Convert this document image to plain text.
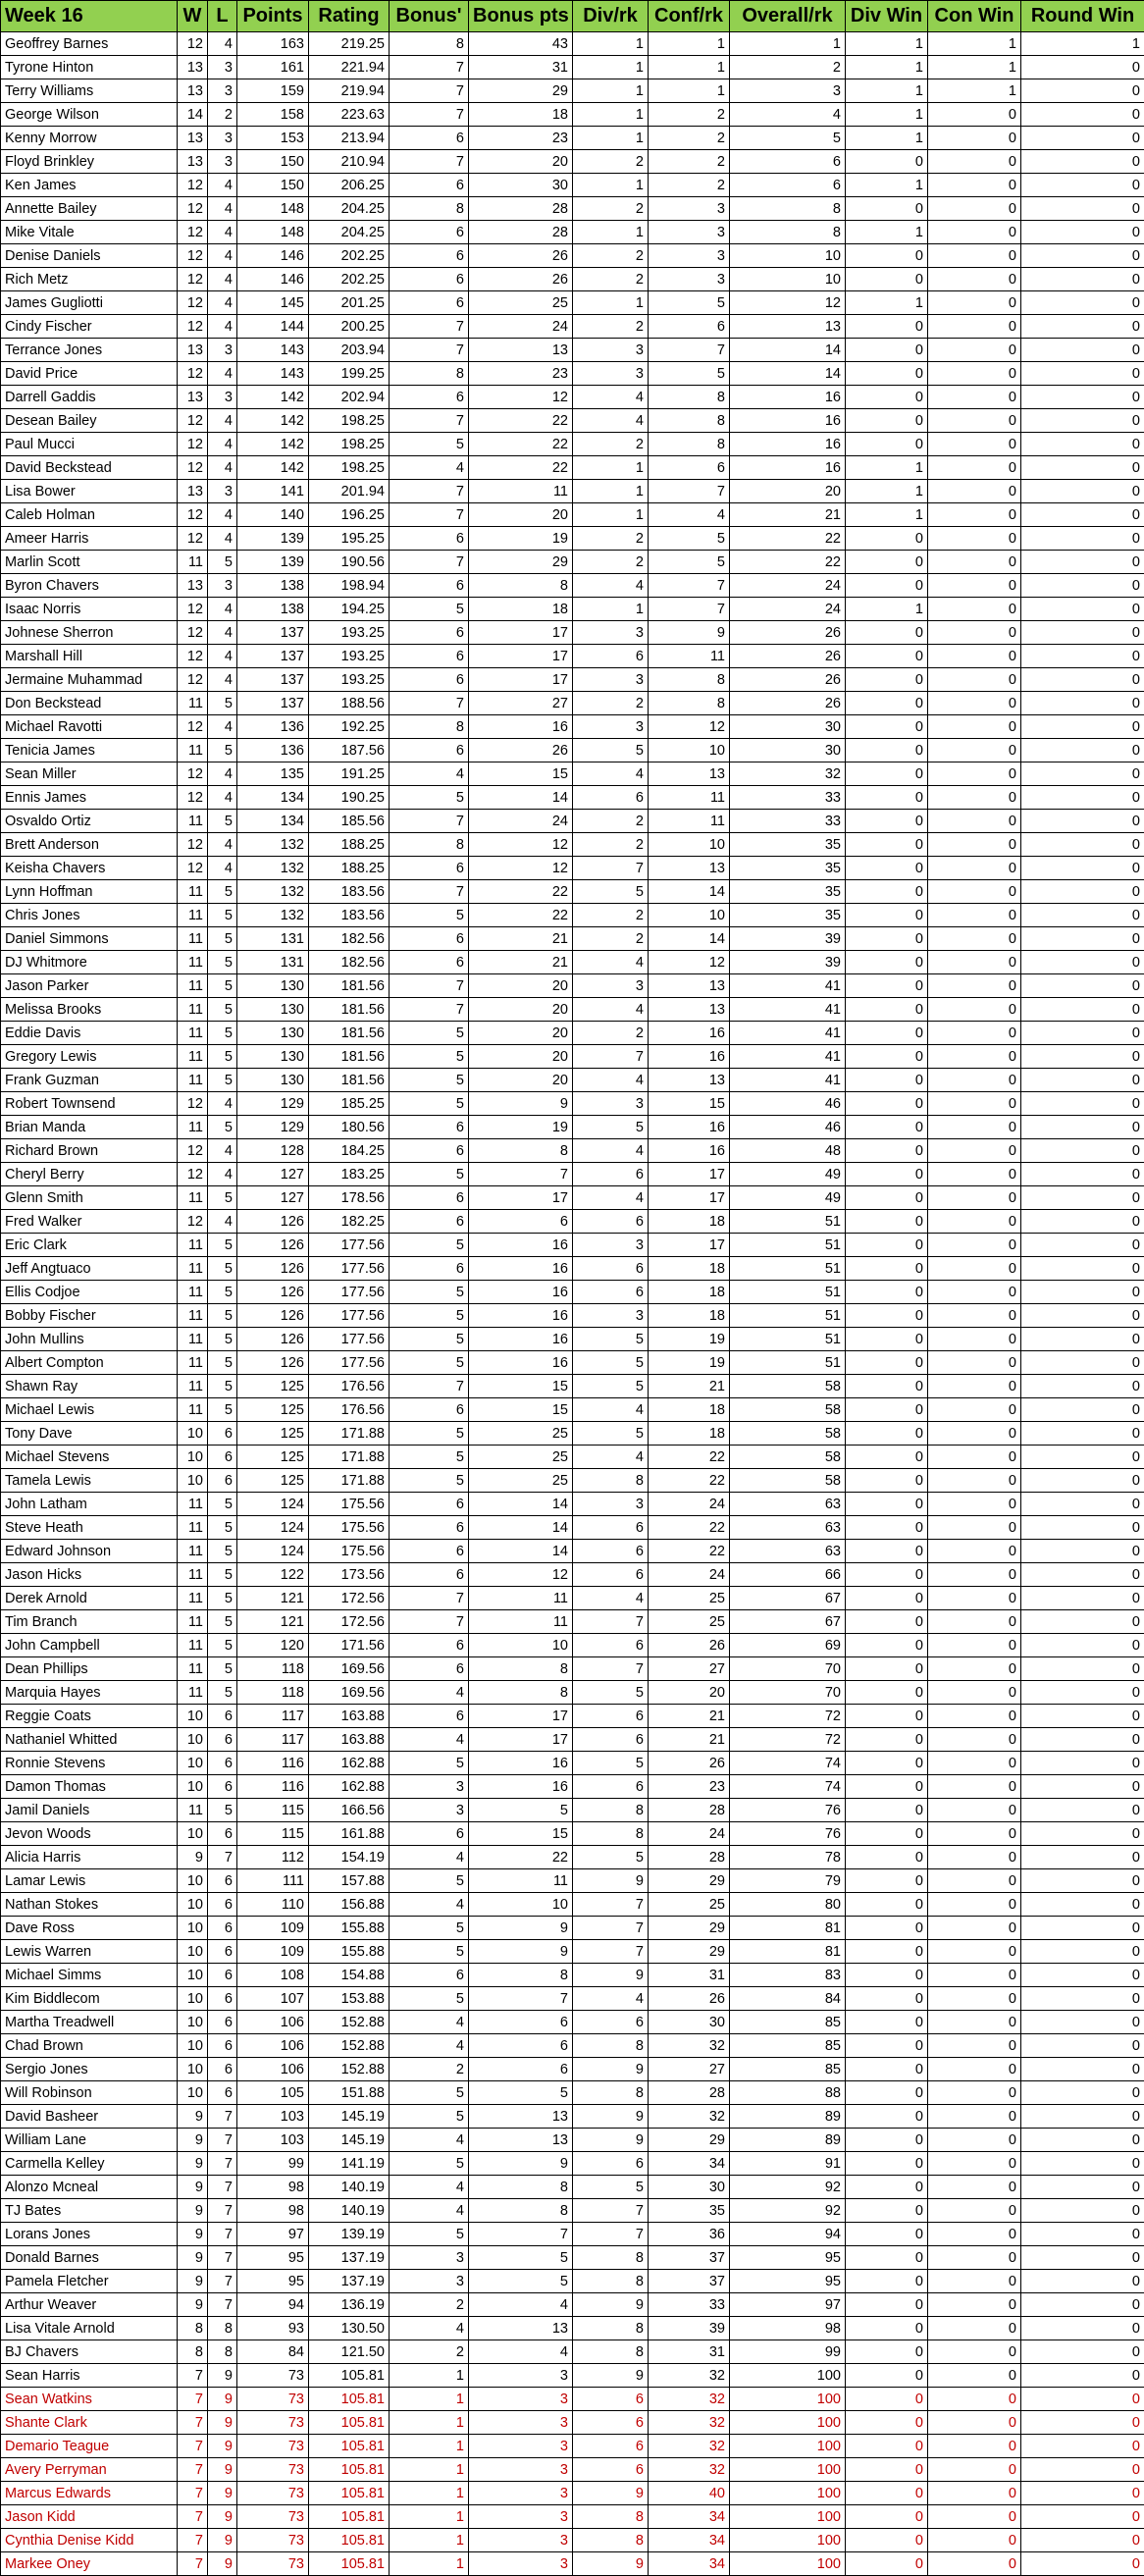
Week 16	W	L	Points	Rating	Bonus'	Bonus pts	Div/rk	Conf/rk	Overall/rk	Div Win	Con Win	Round Win
Geoffrey Barnes	12	4	163	219.25	8	43	1	1	1	1	1	1
Tyrone Hinton	13	3	161	221.94	7	31	1	1	2	1	1	0
Terry Williams	13	3	159	219.94	7	29	1	1	3	1	1	0
George Wilson	14	2	158	223.63	7	18	1	2	4	1	0	0
Kenny Morrow	13	3	153	213.94	6	23	1	2	5	1	0	0
Floyd Brinkley	13	3	150	210.94	7	20	2	2	6	0	0	0
Ken James	12	4	150	206.25	6	30	1	2	6	1	0	0
Annette Bailey	12	4	148	204.25	8	28	2	3	8	0	0	0
Mike Vitale	12	4	148	204.25	6	28	1	3	8	1	0	0
Denise Daniels	12	4	146	202.25	6	26	2	3	10	0	0	0
Rich Metz	12	4	146	202.25	6	26	2	3	10	0	0	0
James Gugliotti	12	4	145	201.25	6	25	1	5	12	1	0	0
Cindy Fischer	12	4	144	200.25	7	24	2	6	13	0	0	0
Terrance Jones	13	3	143	203.94	7	13	3	7	14	0	0	0
David Price	12	4	143	199.25	8	23	3	5	14	0	0	0
Darrell Gaddis	13	3	142	202.94	6	12	4	8	16	0	0	0
Desean Bailey	12	4	142	198.25	7	22	4	8	16	0	0	0
Paul Mucci	12	4	142	198.25	5	22	2	8	16	0	0	0
David Beckstead	12	4	142	198.25	4	22	1	6	16	1	0	0
Lisa Bower	13	3	141	201.94	7	11	1	7	20	1	0	0
Caleb Holman	12	4	140	196.25	7	20	1	4	21	1	0	0
Ameer Harris	12	4	139	195.25	6	19	2	5	22	0	0	0
Marlin Scott	11	5	139	190.56	7	29	2	5	22	0	0	0
Byron Chavers	13	3	138	198.94	6	8	4	7	24	0	0	0
Isaac Norris	12	4	138	194.25	5	18	1	7	24	1	0	0
Johnese Sherron	12	4	137	193.25	6	17	3	9	26	0	0	0
Marshall Hill	12	4	137	193.25	6	17	6	11	26	0	0	0
Jermaine Muhammad	12	4	137	193.25	6	17	3	8	26	0	0	0
Don Beckstead	11	5	137	188.56	7	27	2	8	26	0	0	0
Michael Ravotti	12	4	136	192.25	8	16	3	12	30	0	0	0
Tenicia James	11	5	136	187.56	6	26	5	10	30	0	0	0
Sean Miller	12	4	135	191.25	4	15	4	13	32	0	0	0
Ennis James	12	4	134	190.25	5	14	6	11	33	0	0	0
Osvaldo Ortiz	11	5	134	185.56	7	24	2	11	33	0	0	0
Brett Anderson	12	4	132	188.25	8	12	2	10	35	0	0	0
Keisha Chavers	12	4	132	188.25	6	12	7	13	35	0	0	0
Lynn Hoffman	11	5	132	183.56	7	22	5	14	35	0	0	0
Chris Jones	11	5	132	183.56	5	22	2	10	35	0	0	0
Daniel Simmons	11	5	131	182.56	6	21	2	14	39	0	0	0
DJ Whitmore	11	5	131	182.56	6	21	4	12	39	0	0	0
Jason Parker	11	5	130	181.56	7	20	3	13	41	0	0	0
Melissa Brooks	11	5	130	181.56	7	20	4	13	41	0	0	0
Eddie Davis	11	5	130	181.56	5	20	2	16	41	0	0	0
Gregory Lewis	11	5	130	181.56	5	20	7	16	41	0	0	0
Frank Guzman	11	5	130	181.56	5	20	4	13	41	0	0	0
Robert Townsend	12	4	129	185.25	5	9	3	15	46	0	0	0
Brian Manda	11	5	129	180.56	6	19	5	16	46	0	0	0
Richard Brown	12	4	128	184.25	6	8	4	16	48	0	0	0
Cheryl Berry	12	4	127	183.25	5	7	6	17	49	0	0	0
Glenn Smith	11	5	127	178.56	6	17	4	17	49	0	0	0
Fred Walker	12	4	126	182.25	6	6	6	18	51	0	0	0
Eric Clark	11	5	126	177.56	5	16	3	17	51	0	0	0
Jeff Angtuaco	11	5	126	177.56	6	16	6	18	51	0	0	0
Ellis Codjoe	11	5	126	177.56	5	16	6	18	51	0	0	0
Bobby Fischer	11	5	126	177.56	5	16	3	18	51	0	0	0
John Mullins	11	5	126	177.56	5	16	5	19	51	0	0	0
Albert Compton	11	5	126	177.56	5	16	5	19	51	0	0	0
Shawn Ray	11	5	125	176.56	7	15	5	21	58	0	0	0
Michael Lewis	11	5	125	176.56	6	15	4	18	58	0	0	0
Tony Dave	10	6	125	171.88	5	25	5	18	58	0	0	0
Michael Stevens	10	6	125	171.88	5	25	4	22	58	0	0	0
Tamela Lewis	10	6	125	171.88	5	25	8	22	58	0	0	0
John Latham	11	5	124	175.56	6	14	3	24	63	0	0	0
Steve Heath	11	5	124	175.56	6	14	6	22	63	0	0	0
Edward Johnson	11	5	124	175.56	6	14	6	22	63	0	0	0
Jason Hicks	11	5	122	173.56	6	12	6	24	66	0	0	0
Derek Arnold	11	5	121	172.56	7	11	4	25	67	0	0	0
Tim Branch	11	5	121	172.56	7	11	7	25	67	0	0	0
John Campbell	11	5	120	171.56	6	10	6	26	69	0	0	0
Dean Phillips	11	5	118	169.56	6	8	7	27	70	0	0	0
Marquia Hayes	11	5	118	169.56	4	8	5	20	70	0	0	0
Reggie Coats	10	6	117	163.88	6	17	6	21	72	0	0	0
Nathaniel Whitted	10	6	117	163.88	4	17	6	21	72	0	0	0
Ronnie Stevens	10	6	116	162.88	5	16	5	26	74	0	0	0
Damon Thomas	10	6	116	162.88	3	16	6	23	74	0	0	0
Jamil Daniels	11	5	115	166.56	3	5	8	28	76	0	0	0
Jevon Woods	10	6	115	161.88	6	15	8	24	76	0	0	0
Alicia Harris	9	7	112	154.19	4	22	5	28	78	0	0	0
Lamar Lewis	10	6	111	157.88	5	11	9	29	79	0	0	0
Nathan Stokes	10	6	110	156.88	4	10	7	25	80	0	0	0
Dave Ross	10	6	109	155.88	5	9	7	29	81	0	0	0
Lewis Warren	10	6	109	155.88	5	9	7	29	81	0	0	0
Michael Simms	10	6	108	154.88	6	8	9	31	83	0	0	0
Kim Biddlecom	10	6	107	153.88	5	7	4	26	84	0	0	0
Martha Treadwell	10	6	106	152.88	4	6	6	30	85	0	0	0
Chad Brown	10	6	106	152.88	4	6	8	32	85	0	0	0
Sergio Jones	10	6	106	152.88	2	6	9	27	85	0	0	0
Will Robinson	10	6	105	151.88	5	5	8	28	88	0	0	0
David Basheer	9	7	103	145.19	5	13	9	32	89	0	0	0
William Lane	9	7	103	145.19	4	13	9	29	89	0	0	0
Carmella Kelley	9	7	99	141.19	5	9	6	34	91	0	0	0
Alonzo Mcneal	9	7	98	140.19	4	8	5	30	92	0	0	0
TJ Bates	9	7	98	140.19	4	8	7	35	92	0	0	0
Lorans Jones	9	7	97	139.19	5	7	7	36	94	0	0	0
Donald Barnes	9	7	95	137.19	3	5	8	37	95	0	0	0
Pamela Fletcher	9	7	95	137.19	3	5	8	37	95	0	0	0
Arthur Weaver	9	7	94	136.19	2	4	9	33	97	0	0	0
Lisa Vitale Arnold	8	8	93	130.50	4	13	8	39	98	0	0	0
BJ Chavers	8	8	84	121.50	2	4	8	31	99	0	0	0
Sean Harris	7	9	73	105.81	1	3	9	32	100	0	0	0
Sean Watkins	7	9	73	105.81	1	3	6	32	100	0	0	0
Shante Clark	7	9	73	105.81	1	3	6	32	100	0	0	0
Demario Teague	7	9	73	105.81	1	3	6	32	100	0	0	0
Avery Perryman	7	9	73	105.81	1	3	6	32	100	0	0	0
Marcus Edwards	7	9	73	105.81	1	3	9	40	100	0	0	0
Jason Kidd	7	9	73	105.81	1	3	8	34	100	0	0	0
Cynthia Denise Kidd	7	9	73	105.81	1	3	8	34	100	0	0	0
Markee Oney	7	9	73	105.81	1	3	9	34	100	0	0	0
